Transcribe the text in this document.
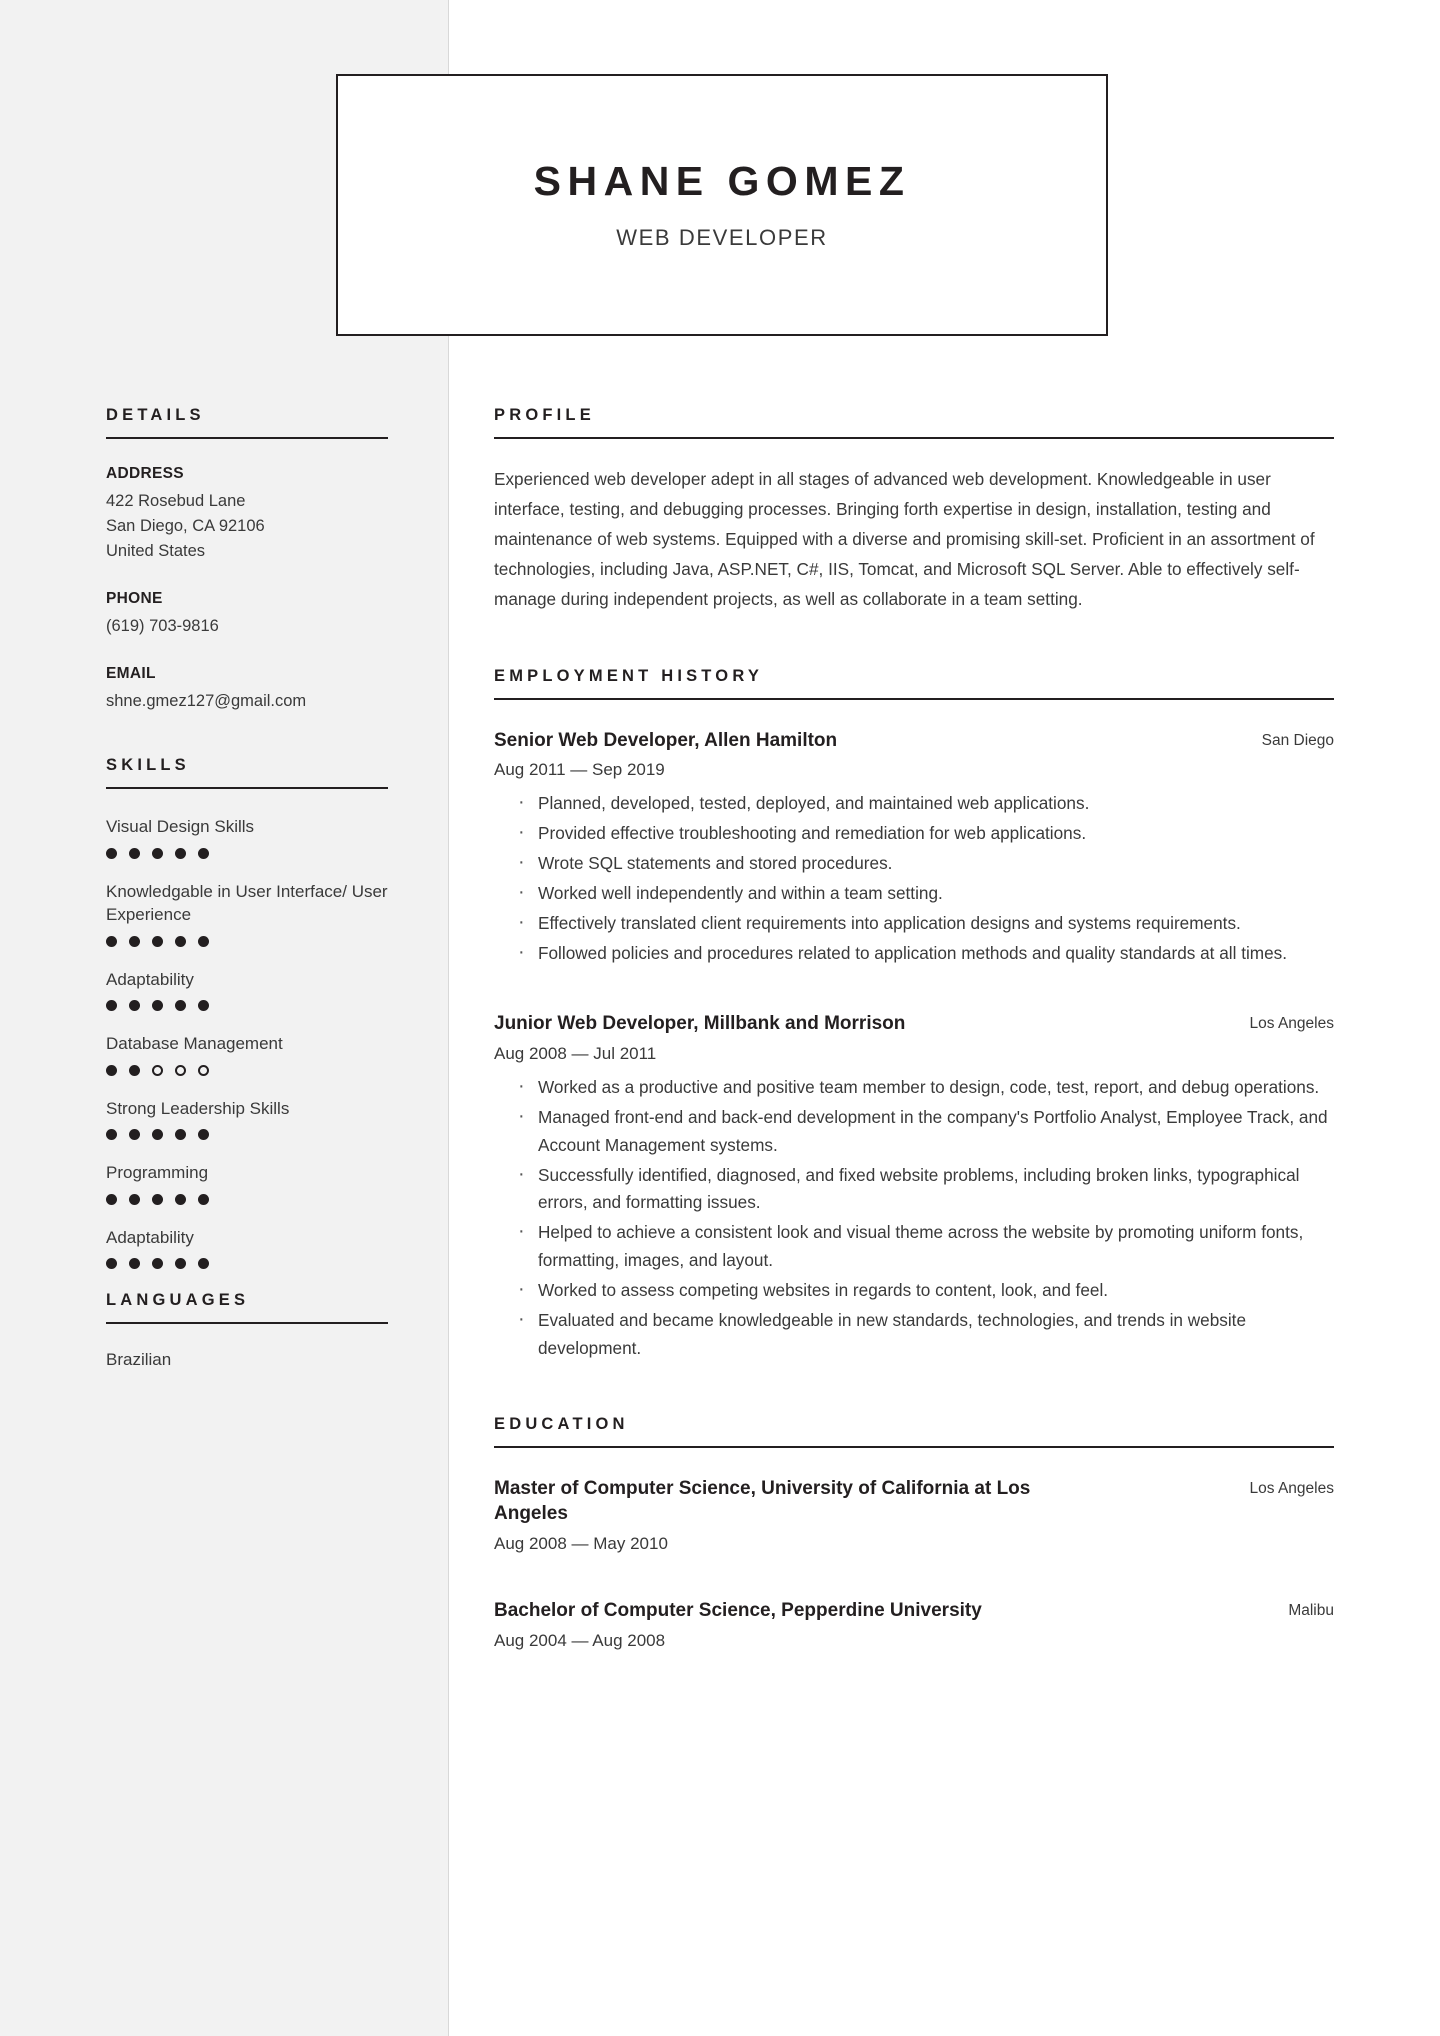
SHANE GOMEZ
WEB DEVELOPER
DETAILS
ADDRESS
422 Rosebud Lane
San Diego, CA 92106
United States
PHONE
(619) 703-9816
EMAIL
shne.gmez127@gmail.com
SKILLS
Visual Design Skills
Knowledgable in User Interface/ User Experience
Adaptability
Database Management
Strong Leadership Skills
Programming
Adaptability
LANGUAGES
Brazilian
PROFILE
Experienced web developer adept in all stages of advanced web development. Knowledgeable in user interface, testing, and debugging processes. Bringing forth expertise in design, installation, testing and maintenance of web systems. Equipped with a diverse and promising skill-set. Proficient in an assortment of technologies, including Java, ASP.NET, C#, IIS, Tomcat, and Microsoft SQL Server. Able to effectively self-manage during independent projects, as well as collaborate in a team setting.
EMPLOYMENT HISTORY
Senior Web Developer, Allen Hamilton	San Diego
Aug 2011 — Sep 2019
· Planned, developed, tested, deployed, and maintained web applications.
· Provided effective troubleshooting and remediation for web applications.
· Wrote SQL statements and stored procedures.
· Worked well independently and within a team setting.
· Effectively translated client requirements into application designs and systems requirements.
· Followed policies and procedures related to application methods and quality standards at all times.
Junior Web Developer, Millbank and Morrison	Los Angeles
Aug 2008 — Jul 2011
· Worked as a productive and positive team member to design, code, test, report, and debug operations.
· Managed front-end and back-end development in the company's Portfolio Analyst, Employee Track, and Account Management systems.
· Successfully identified, diagnosed, and fixed website problems, including broken links, typographical errors, and formatting issues.
· Helped to achieve a consistent look and visual theme across the website by promoting uniform fonts, formatting, images, and layout.
· Worked to assess competing websites in regards to content, look, and feel.
· Evaluated and became knowledgeable in new standards, technologies, and trends in website development.
EDUCATION
Master of Computer Science, University of California at Los Angeles
Los Angeles
Aug 2008 — May 2010
Bachelor of Computer Science, Pepperdine University	Malibu
Aug 2004 — Aug 2008
